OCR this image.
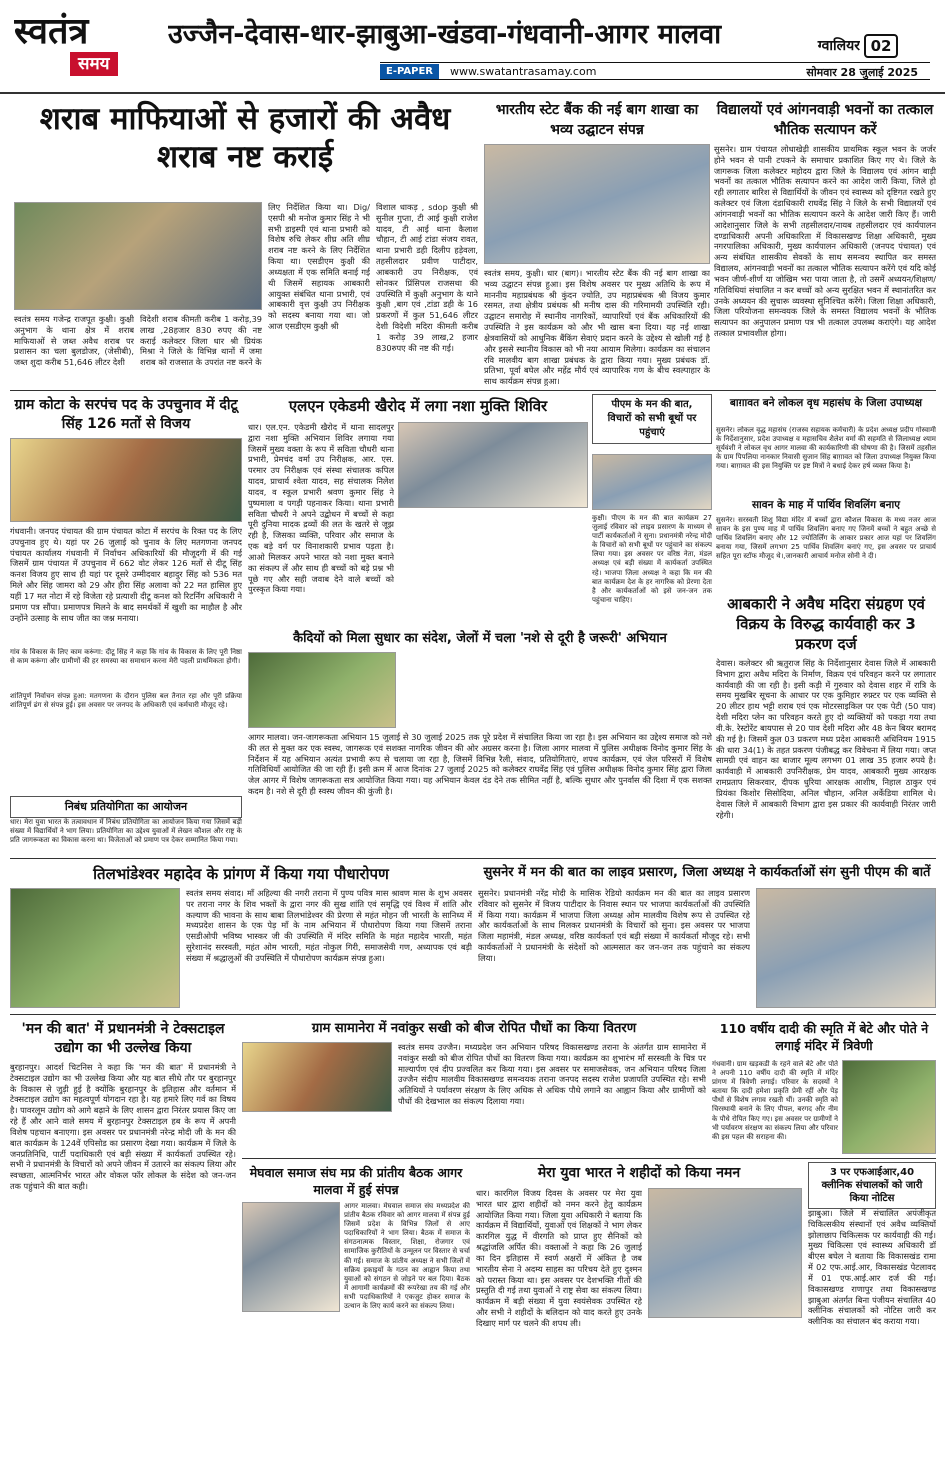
स्वतंत्र
समय
उज्जैन-देवास-धार-झाबुआ-खंडवा-गंधवानी-आगर मालवा	ग्वालियर 02
E-PAPER	www.swatantrasamay.com	सोमवार 28 जुलाई 2025
शराब माफियाओं से हजारों की अवैध शराब नष्ट कराई
स्वतंत्र समय गजेन्द्र राजपूत कुक्षी। कुक्षी अनुभाग के थाना क्षेत्र में शराब माफियाओं से जब्त अवैध शराब पर प्रशासन का चला बुलडोजर, (जेसीबी), जब्त शुदा करीब 51,646 लीटर देशी
विदेशी शराब कीमती करीब 1 करोड़,39 लाख ,28हजार 830 रुपए की नष्ट कराई कलेक्टर जिला धार श्री प्रियंक मिश्रा ने जिले के विभिन्न थानों में जमा शराब को राजसात के उपरांत नष्ट करने के
लिए निर्देशित किया था। Dig/एसपी श्री मनोज कुमार सिंह ने भी सभी डाइस्पी एवं थाना प्रभारी को विशेष रुचि लेकर शीघ्र अति शीघ्र शराब नष्ट करने के लिए निर्देशित किया था। एसडीएम कुक्षी की अध्यक्षता में एक समिति बनाई गई थी जिसमें सहायक आबकारी आयुक्त संबंधित थाना प्रभारी, एवं आबकारी वृत्त कुक्षी उप निरीक्षक को सदस्य बनाया गया था। जो आज एसडीएम कुक्षी श्री
विशाल धाकड़ , sdop कुक्षी श्री सुनील गुप्ता, टी आई कुक्षी राजेश यादव, टी आई थाना कैलाश चौहान, टी आई टांडा संजय रावत, थाना प्रभारी डही दिलीप हड़ेवला, तहसीलदार प्रवीण पाटीदार, आबकारी उप निरीक्षक, एवं सोनकर प्रिंसिपल राजसथा की उपस्थिति में कुक्षी अनुभाग के थाने कुक्षी ,बाग एवं ,टांडा डही के 16 प्रकरणों में कुल 51,646 लीटर देशी विदेशी मदिरा कीमती करीब 1 करोड़ 39 लाख,2 हजार 830रुपए की नष्ट की गई।
भारतीय स्टेट बैंक की नई बाग शाखा का भव्य उद्घाटन संपन्न
स्वतंत्र समय, कुक्षी। धार (बाग)। भारतीय स्टेट बैंक की नई बाग शाखा का भव्य उद्घाटन संपन्न हुआ। इस विशेष अवसर पर मुख्य अतिथि के रूप में माननीय महाप्रबंधक श्री कुंदन ज्योति, उप महाप्रबंधक श्री विजय कुमार रसमत, तथा क्षेत्रीय प्रबंधक श्री मनीष दास की गरिमामयी उपस्थिति रही। उद्घाटन समारोह में स्थानीय नागरिकों, व्यापारियों एवं बैंक अधिकारियों की उपस्थिति ने इस कार्यक्रम को और भी खास बना दिया। यह नई शाखा क्षेत्रवासियों को आधुनिक बैंकिंग सेवाएं प्रदान करने के उद्देश्य से खोली गई है और इससे स्थानीय विकास को भी नया आयाम मिलेगा। कार्यक्रम का संचालन रवि मालवीय बाग शाखा प्रबंधक के द्वारा किया गया। मुख्य प्रबंधक डॉ. प्रतिभा, पूर्वा बघेल और महेंद्र मौर्य एवं व्यापारिक गण के बीच स्वल्पाहार के साथ कार्यक्रम संपन्न हुआ।
विद्यालयों एवं आंगनवाड़ी भवनों का तत्काल भौतिक सत्यापन करें
सुसनेर। ग्राम पंचायत लोधाखेड़ी शासकीय प्राथमिक स्कूल भवन के जर्जर होने भवन से पानी टपकने के समाचार प्रकाशित किए गए थे। जिले के जागरूक जिला कलेक्टर महोदय द्वारा जिले के विद्यालय एवं आंगन बाड़ी भवनों का तत्काल भौतिक सत्यापन करने का आदेश जारी किया, जिले हो रही लगातार बारिश से विद्यार्थियों के जीवन एवं स्वास्थ्य को दृष्टिगत रखते हुए कलेक्टर एवं जिला दंडाधिकारी राघवेंद्र सिंह ने जिले के सभी विद्यालयों एवं आंगनवाड़ी भवनों का भौतिक सत्यापन करने के आदेश जारी किए हैं। जारी आदेशानुसार जिले के सभी तहसीलदार/नायब तहसीलदार एवं कार्यपालन दण्डाधिकारी अपनी अधिकारिता में विकासखण्ड शिक्षा अधिकारी, मुख्य नगरपालिका अधिकारी, मुख्य कार्यपालन अधिकारी (जनपद पंचायत) एवं अन्य संबंधित शासकीय सेवकों के साथ समन्वय स्थापित कर समस्त विद्यालय, आंगनवाड़ी भवनों का तत्काल भौतिक सत्यापन करेंगे एवं यदि कोई भवन जीर्ण-शीर्ण या जोखिम भरा पाया जाता है, तो उसमें अध्ययन/शिक्षण/गतिविधियां संचालित न कर बच्चों को अन्य सुरक्षित भवन में स्थानांतरित कर उनके अध्ययन की सुचारू व्यवस्था सुनिश्चित करेंगे। जिला शिक्षा अधिकारी, जिला परियोजना समन्वयक जिले के समस्त विद्यालय भवनों के भौतिक सत्यापन का अनुपालन प्रमाण पत्र भी तत्काल उपलब्ध कराएंगे। यह आदेश तत्काल प्रभावशील होगा।
ग्राम कोटा के सरपंच पद के उपचुनाव में दीटू सिंह 126 मतों से विजय
गंधवानी। जनपद पंचायत की ग्राम पंचायत कोटा में सरपंच के रिक्त पद के लिए उपचुनाव हुए थे। यहां पर 26 जुलाई को चुनाव के लिए मतगणना जनपद पंचायत कार्यालय गंधवानी में निर्वाचन अधिकारियों की मौजूदगी में की गई जिसमें ग्राम पंचायत में उपचुनाव में 662 वोट लेकर 126 मतों से दीटू सिंह कनश विजय हुए साथ ही यहां पर दूसरे उम्मीदवार बहादुर सिंह को 536 मत मिले और सिंह जामरा को 29 और हीरा सिंह अलावा को 22 मत हासिल हुए यहीं 17 मत नोटा में रहे विजेता रहे प्रत्याशी दीटू कनश को रिटर्निंग अधिकारी ने प्रमाण पत्र सौंपा। प्रमाणपत्र मिलने के बाद समर्थकों में खुशी का माहौल है और उन्होंने उत्साह के साथ जीत का जश्न मनाया।
गांव के विकास के लिए काम करूंगा: दीटू सिंह ने कहा कि गांव के विकास के लिए पूरी निष्ठा से काम करूंगा और ग्रामीणों की हर समस्या का समाधान करना मेरी पहली प्राथमिकता होगी।
शांतिपूर्ण निर्वाचन संपन्न हुआ: मतगणना के दौरान पुलिस बल तैनात रहा और पूरी प्रक्रिया शांतिपूर्ण ढंग से संपन्न हुई। इस अवसर पर जनपद के अधिकारी एवं कर्मचारी मौजूद रहे।
निबंध प्रतियोगिता का आयोजन
धार। मेरा युवा भारत के तत्वावधान में निबंध प्रतियोगिता का आयोजन किया गया जिसमें बड़ी संख्या में विद्यार्थियों ने भाग लिया। प्रतियोगिता का उद्देश्य युवाओं में लेखन कौशल और राष्ट्र के प्रति जागरूकता का विकास करना था। विजेताओं को प्रमाण पत्र देकर सम्मानित किया गया।
एलएन एकेडमी खैरोद में लगा नशा मुक्ति शिविर
धार। एल.एन. एकेडमी खैरोद में थाना सादलपुर द्वारा नशा मुक्ति अभियान शिविर लगाया गया जिसमें मुख्य वक्ता के रूप में सविता चौधरी थाना प्रभारी, प्रेमचंद वर्मा उप निरीक्षक, आर. एस. परमार उप निरीक्षक एवं संस्था संचालक कपिल यादव, प्राचार्य श्वेता यादव, सह संचालक निलेश यादव, व स्कूल प्रभारी श्रवण कुमार सिंह ने पुष्पमाला व पगड़ी पहनाकर किया। थाना प्रभारी सविता चौधरी ने अपने उद्बोधन में बच्चों से कहा पूरी दुनिया मादक द्रव्यों की लत के खतरे से जूझ रही है, जिसका व्यक्ति, परिवार और समाज के एक बड़े वर्ग पर विनाशकारी प्रभाव पड़ता है। आओ मिलकर अपने भारत को नशा मुक्त बनाने का संकल्प लें और साथ ही बच्चों को बड़े प्रश्न भी पूछे गए और सही जवाब देने वाले बच्चों को पुरस्कृत किया गया।
पीएम के मन की बात, विचारों को सभी बूथों पर पहुंचाएं
कुक्षी। पीएम के मन की बात कार्यक्रम 27 जुलाई रविवार को लाइव प्रसारण के माध्यम से पार्टी कार्यकर्ताओं ने सुना। प्रधानमंत्री नरेन्द्र मोदी के विचारों को सभी बूथों पर पहुंचाने का संकल्प लिया गया। इस अवसर पर वरिष्ठ नेता, मंडल अध्यक्ष एवं बड़ी संख्या में कार्यकर्ता उपस्थित रहे। भाजपा जिला अध्यक्ष ने कहा कि मन की बात कार्यक्रम देश के हर नागरिक को प्रेरणा देता है और कार्यकर्ताओं को इसे जन-जन तक पहुंचाना चाहिए।
बाग़ावत बने लोकल वृध महासंघ के जिला उपाध्यक्ष
सुसनेर। लोकल वृद्ध महासंघ (राजस्व सहायक कर्मचारी) के प्रदेश अध्यक्ष प्रदीप गोस्वामी के निर्देशानुसार, प्रदेश उपाध्यक्ष व महासचिव शैलेश वर्मा की सहमति से जिलाध्यक्ष श्याम सूर्यवंशी ने लोकल वृध आगर मालवा की कार्यकारिणी की घोषणा की है। जिसमें तहसील के ग्राम पिपलिया नानकार निवासी सुजान सिंह बाग़ावत को जिला उपाध्यक्ष नियुक्त किया गया। बाग़ावत की इस नियुक्ति पर इष्ट मित्रों ने बधाई देकर हर्ष व्यक्त किया है।
सावन के माह में पार्थिव शिवलिंग बनाए
सुसनेर। सरस्वती शिशु विद्या मंदिर में बच्चों द्वारा कौशल विकास के मध्य नजर आज सावन के इस पुण्य माह में पार्थिव शिवलिंग बनाए गए जिनमें बच्चों ने बहुत अच्छे से पार्थिव शिवलिंग बनाए और 12 ज्योतिर्लिंग के आकार प्रकार आज यहां पर शिवलिंग बनाया गया, जिसमें लगभग 25 पार्थिव शिवलिंग बनाएं गए, इस अवसर पर प्राचार्य सहित पूरा स्टॉफ मौजूद थे।,जानकारी आचार्य मनोज सोनी ने दी।
आबकारी ने अवैध मदिरा संग्रहण एवं विक्रय के विरुद्ध कार्यवाही कर 3 प्रकरण दर्ज
देवास। कलेक्टर श्री ऋतुराज सिंह के निर्देशानुसार देवास जिले में आबकारी विभाग द्वारा अवैध मदिरा के निर्माण, विक्रय एवं परिवहन करने पर लगातार कार्यवाही की जा रही है। इसी कड़ी में गुरुवार को देवास शहर में रात्रि के समय मुखबिर सूचना के आधार पर एक कुमिहार रुफ़्टर पर एक व्यक्ति से 20 लीटर हाथ भट्टी शराब एवं एक मोटरसाइकिल पर एक पेटी (50 पाव) देशी मदिरा प्लेन का परिवहन करते हुए दो व्यक्तियों को पकड़ा गया तथा वी.के. रेस्टोरेंट बायपास से 20 पाव देशी मदिरा और 48 केन बियर बरामद की गई है। जिसमें कुल 03 प्रकरण मध्य प्रदेश आबकारी अधिनियम 1915 की धारा 34(1) के तहत प्रकरण पंजीबद्ध कर विवेचना में लिया गया। जप्त सामग्री एवं वाहन का बाजार मूल्य लगभग 01 लाख 35 हजार रुपये है। कार्यवाही में आबकारी उपनिरीक्षक, प्रेम यादव, आबकारी मुख्य आरक्षक रामप्रताप सिकरवार, दीपक धुरिया आरक्षक आशीष, निहाल ठाकुर एवं प्रियंका किशोर सिसोदिया, अनिल चौहान, अनिल अर्केडिया शामिल थे। देवास जिले में आबकारी विभाग द्वारा इस प्रकार की कार्यवाही निरंतर जारी रहेगी।
कैदियों को मिला सुधार का संदेश, जेलों में चला 'नशे से दूरी है जरूरी' अभियान
आगर मालवा। जन-जागरूकता अभियान 15 जुलाई से 30 जुलाई 2025 तक पूरे प्रदेश में संचालित किया जा रहा है। इस अभियान का उद्देश्य समाज को नशे की लत से मुक्त कर एक स्वस्थ, जागरूक एवं सशक्त नागरिक जीवन की ओर अग्रसर करना है। जिला आगर मालवा में पुलिस अधीक्षक विनोद कुमार सिंह के निर्देशन में यह अभियान अत्यंत प्रभावी रूप से चलाया जा रहा है, जिसमें विभिन्न रैली, संवाद, प्रतियोगिताएं, शपथ कार्यक्रम, एवं जेल परिसरों में विशेष गतिविधियाँ आयोजित की जा रही हैं। इसी क्रम में आज दिनांक 27 जुलाई 2025 को कलेक्टर राघवेंद्र सिंह एवं पुलिस अधीक्षक विनोद कुमार सिंह द्वारा जिला जेल आगर में विशेष जागरूकता सत्र आयोजित किया गया। यह अभियान केवल दंड देने तक सीमित नहीं है, बल्कि सुधार और पुनर्वास की दिशा में एक सशक्त कदम है। नशे से दूरी ही स्वस्थ जीवन की कुंजी है।
तिलभांडेश्वर महादेव के प्रांगण में किया गया पौधारोपण
स्वतंत्र समय संवाद। माँ अहिल्या की नगरी तराना में पुण्य पवित्र मास श्रावण मास के शुभ अवसर पर तराना नगर के शिव भक्तों के द्वारा नगर की सुख शांति एवं समृद्धि एवं विश्व में शांति और कल्याण की भावना के साथ बाबा तिलभांडेश्वर की प्रेरणा से महंत मोहन जी भारती के सानिध्य में मध्यप्रदेश शासन के एक पेड़ माँ के नाम अभियान में पौधारोपण किया गया जिसमें तराना एसडीओपी भविष्य भास्कर जी की उपस्थिति में मंदिर समिति के महंत महादेव भारती, महंत सुरेशानंद सरस्वती, महंत ओम भारती, महंत नोकुल गिरी, समाजसेवी गण, अध्यापक एवं बड़ी संख्या में श्रद्धालुओं की उपस्थिति में पौधारोपण कार्यक्रम संपन्न हुआ।
सुसनेर में मन की बात का लाइव प्रसारण, जिला अध्यक्ष ने कार्यकर्ताओं संग सुनी पीएम की बातें
सुसनेर। प्रधानमंत्री नरेंद्र मोदी के मासिक रेडियो कार्यक्रम मन की बात का लाइव प्रसारण रविवार को सुसनेर में विजय पाटीदार के निवास स्थान पर भाजपा कार्यकर्ताओं की उपस्थिति में किया गया। कार्यक्रम में भाजपा जिला अध्यक्ष ओम मालवीय विशेष रूप से उपस्थित रहे और कार्यकर्ताओं के साथ मिलकर प्रधानमंत्री के विचारों को सुना। इस अवसर पर भाजपा जिला महामंत्री, मंडल अध्यक्ष, वरिष्ठ कार्यकर्ता एवं बड़ी संख्या में कार्यकर्ता मौजूद रहे। सभी कार्यकर्ताओं ने प्रधानमंत्री के संदेशों को आत्मसात कर जन-जन तक पहुंचाने का संकल्प लिया।
'मन की बात' में प्रधानमंत्री ने टेक्सटाइल उद्योग का भी उल्लेख किया
बुरहानपुर। आदर्श चिटनिस ने कहा कि 'मन की बात' में प्रधानमंत्री ने टेक्सटाइल उद्योग का भी उल्लेख किया और यह बात सीधे तौर पर बुरहानपुर के विकास से जुड़ी हुई है क्योंकि बुरहानपुर के इतिहास और वर्तमान में टेक्सटाइल उद्योग का महत्वपूर्ण योगदान रहा है। यह हमारे लिए गर्व का विषय है। पावरलूम उद्योग को आगे बढ़ाने के लिए शासन द्वारा निरंतर प्रयास किए जा रहे हैं और आने वाले समय में बुरहानपुर टेक्सटाइल हब के रूप में अपनी विशेष पहचान बनाएगा। इस अवसर पर प्रधानमंत्री नरेन्द्र मोदी जी के मन की बात कार्यक्रम के 124वें एपिसोड का प्रसारण देखा गया। कार्यक्रम में जिले के जनप्रतिनिधि, पार्टी पदाधिकारी एवं बड़ी संख्या में कार्यकर्ता उपस्थित रहे। सभी ने प्रधानमंत्री के विचारों को अपने जीवन में उतारने का संकल्प लिया और स्वच्छता, आत्मनिर्भर भारत और वोकल फॉर लोकल के संदेश को जन-जन तक पहुंचाने की बात कही।
ग्राम सामानेरा में नवांकुर सखी को बीज रोपित पौधों का किया वितरण
स्वतंत्र समय उज्जैन। मध्यप्रदेश जन अभियान परिषद विकासखण्ड तराना के अंतर्गत ग्राम सामानेरा में नवांकुर सखी को बीज रोपित पौधों का वितरण किया गया। कार्यक्रम का शुभारंभ माँ सरस्वती के चित्र पर माल्यार्पण एवं दीप प्रज्वलित कर किया गया। इस अवसर पर समाजसेवक, जन अभियान परिषद जिला उज्जैन संदीप मालवीय विकासखण्ड समन्वयक तराना जनपद सदस्य राजेश प्रजापति उपस्थित रहे। सभी अतिथियों ने पर्यावरण संरक्षण के लिए अधिक से अधिक पौधे लगाने का आह्वान किया और ग्रामीणों को पौधों की देखभाल का संकल्प दिलाया गया।
110 वर्षीय दादी की स्मृति में बेटे और पोते ने लगाई मंदिर में त्रिवेणी
गंधवानी। ग्राम खड़कडी के रहने वाले बेटे और पोते ने अपनी 110 वर्षीय दादी की स्मृति में मंदिर प्रांगण में त्रिवेणी लगाई। परिवार के सदस्यों ने बताया कि दादी हमेशा प्रकृति प्रेमी रहीं और पेड़ पौधों से विशेष लगाव रखती थीं। उनकी स्मृति को चिरस्थायी बनाने के लिए पीपल, बरगद और नीम के पौधे रोपित किए गए। इस अवसर पर ग्रामीणों ने भी पर्यावरण संरक्षण का संकल्प लिया और परिवार की इस पहल की सराहना की।
मेघवाल समाज संघ मप्र की प्रांतीय बैठक आगर मालवा में हुई संपन्न
आगर मालवा। मेघवाल समाज संघ मध्यप्रदेश की प्रांतीय बैठक रविवार को आगर मालवा में संपन्न हुई जिसमें प्रदेश के विभिन्न जिलों से आए पदाधिकारियों ने भाग लिया। बैठक में समाज के संगठनात्मक विस्तार, शिक्षा, रोजगार एवं सामाजिक कुरीतियों के उन्मूलन पर विस्तार से चर्चा की गई। समाज के प्रांतीय अध्यक्ष ने सभी जिलों में सक्रिय इकाइयों के गठन का आह्वान किया तथा युवाओं को संगठन से जोड़ने पर बल दिया। बैठक में आगामी कार्यक्रमों की रूपरेखा तय की गई और सभी पदाधिकारियों ने एकजुट होकर समाज के उत्थान के लिए कार्य करने का संकल्प लिया।
मेरा युवा भारत ने शहीदों को किया नमन
धार। कारगिल विजय दिवस के अवसर पर मेरा युवा भारत धार द्वारा शहीदों को नमन करने हेतु कार्यक्रम आयोजित किया गया। जिला युवा अधिकारी ने बताया कि कार्यक्रम में विद्यार्थियों, युवाओं एवं शिक्षकों ने भाग लेकर कारगिल युद्ध में वीरगति को प्राप्त हुए सैनिकों को श्रद्धांजलि अर्पित की। वक्ताओं ने कहा कि 26 जुलाई का दिन इतिहास में स्वर्ण अक्षरों में अंकित है जब भारतीय सेना ने अदम्य साहस का परिचय देते हुए दुश्मन को परास्त किया था। इस अवसर पर देशभक्ति गीतों की प्रस्तुति दी गई तथा युवाओं ने राष्ट्र सेवा का संकल्प लिया। कार्यक्रम में बड़ी संख्या में युवा स्वयंसेवक उपस्थित रहे और सभी ने शहीदों के बलिदान को याद करते हुए उनके दिखाए मार्ग पर चलने की शपथ ली।
3 पर एफआईआर,40 क्लीनिक संचालकों को जारी किया नोटिस
झाबुआ। जिले में संचालित अपंजीकृत चिकित्सकीय संस्थानों एवं अवैध व्यक्तियों झोलाछाप चिकित्सक पर कार्यवाही की गई। मुख्य चिकित्सा एवं स्वास्थ्य अधिकारी डॉ बीएस बघेल ने बताया कि विकासखंड रामा में 02 एफ.आई.आर, विकासखंड पेटलावद में 01 एफ.आई.आर दर्ज की गई। विकासखण्ड राणापुर तथा विकासखण्ड झाबुआ अंतर्गत बिना पंजीयन संचालित 40 क्लीनिक संचालकों को नोटिस जारी कर क्लीनिक का संचालन बंद कराया गया।
